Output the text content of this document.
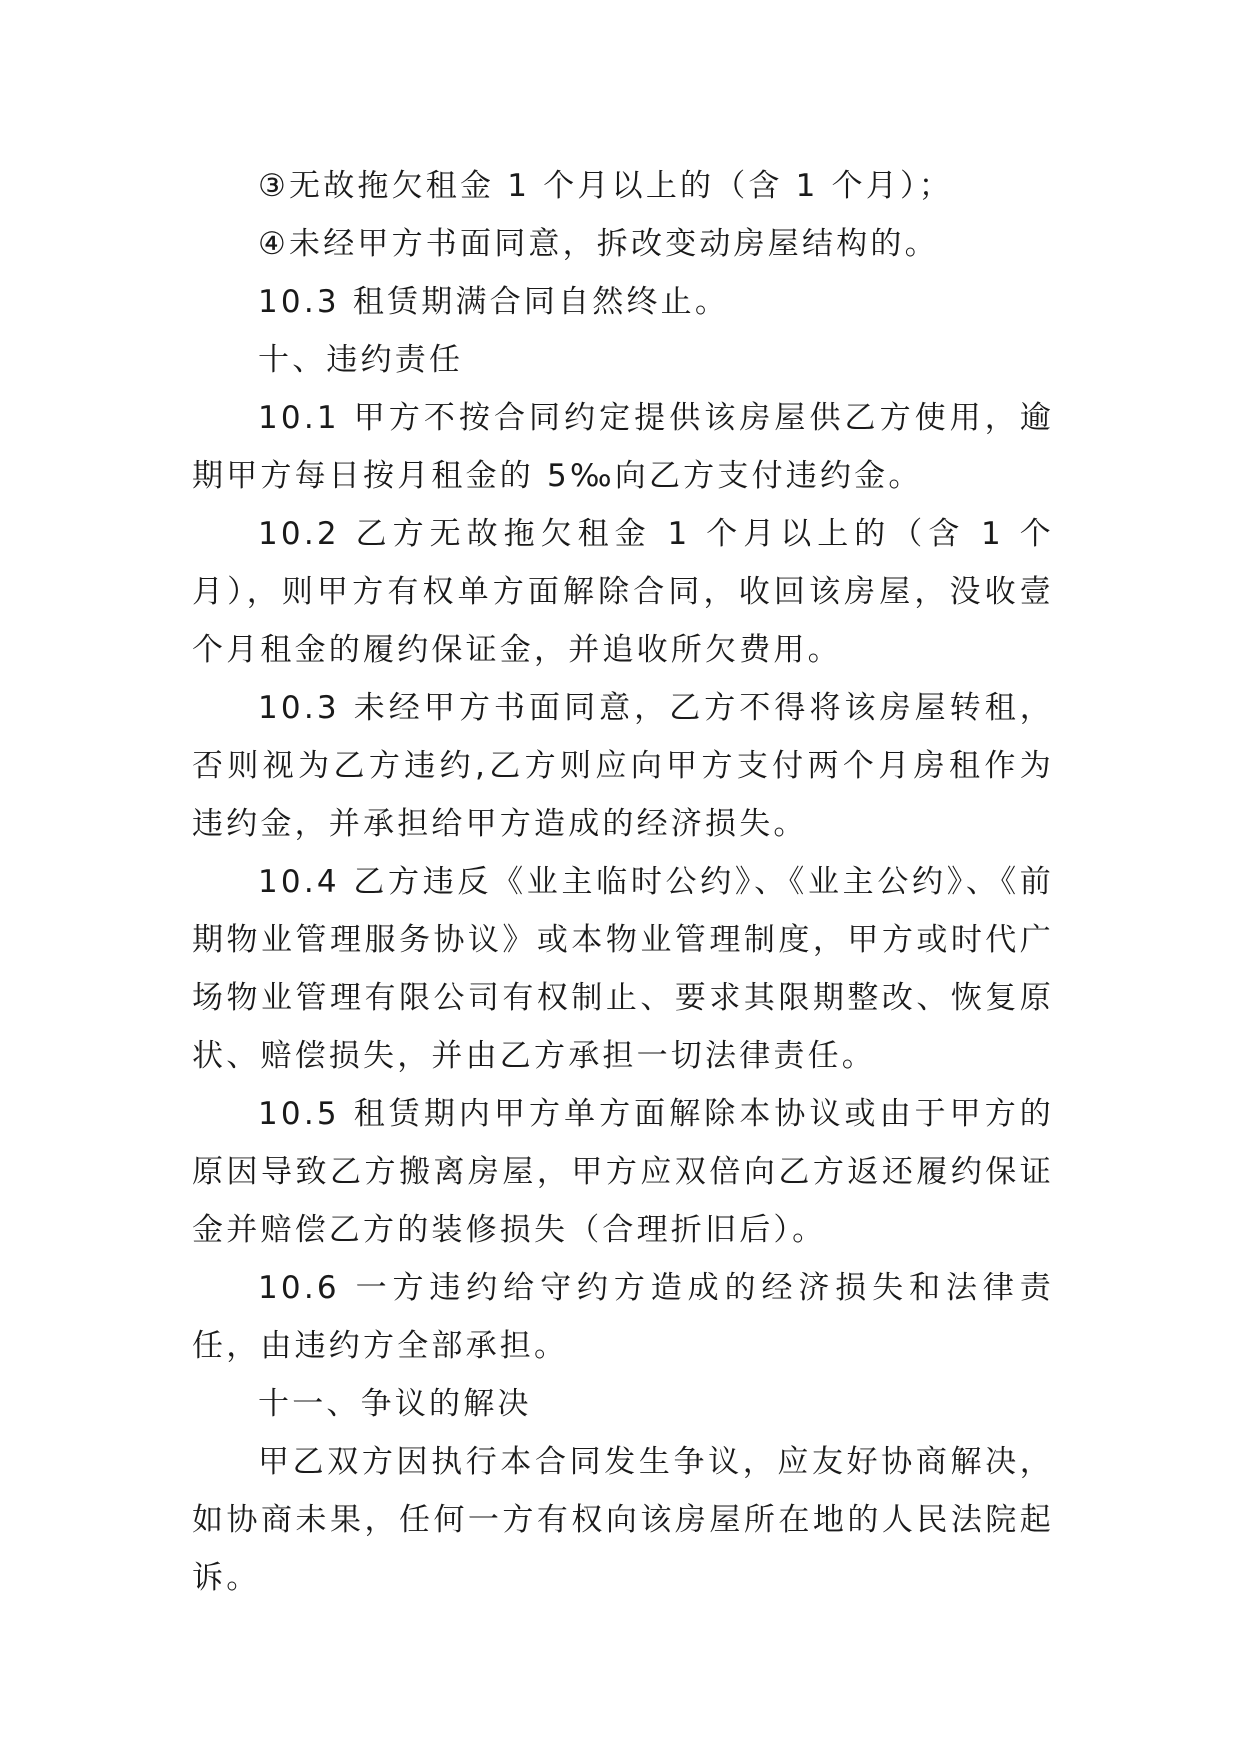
③无故拖欠租金 1 个月以上的（含 1 个月）；

④未经甲方书面同意，拆改变动房屋结构的。

10.3 租赁期满合同自然终止。

十、违约责任

10.1 甲方不按合同约定提供该房屋供乙方使用，逾期甲方每日按月租金的 5‰向乙方支付违约金。

10.2 乙方无故拖欠租金 1 个月以上的（含 1 个月），则甲方有权单方面解除合同，收回该房屋，没收壹个月租金的履约保证金，并追收所欠费用。

10.3 未经甲方书面同意，乙方不得将该房屋转租，否则视为乙方违约,乙方则应向甲方支付两个月房租作为违约金，并承担给甲方造成的经济损失。

10.4 乙方违反《业主临时公约》、《业主公约》、《前期物业管理服务协议》或本物业管理制度，甲方或时代广场物业管理有限公司有权制止、要求其限期整改、恢复原状、赔偿损失，并由乙方承担一切法律责任。

10.5 租赁期内甲方单方面解除本协议或由于甲方的原因导致乙方搬离房屋，甲方应双倍向乙方返还履约保证金并赔偿乙方的装修损失（合理折旧后）。

10.6 一方违约给守约方造成的经济损失和法律责任，由违约方全部承担。

十一、争议的解决

甲乙双方因执行本合同发生争议，应友好协商解决，如协商未果，任何一方有权向该房屋所在地的人民法院起诉。
